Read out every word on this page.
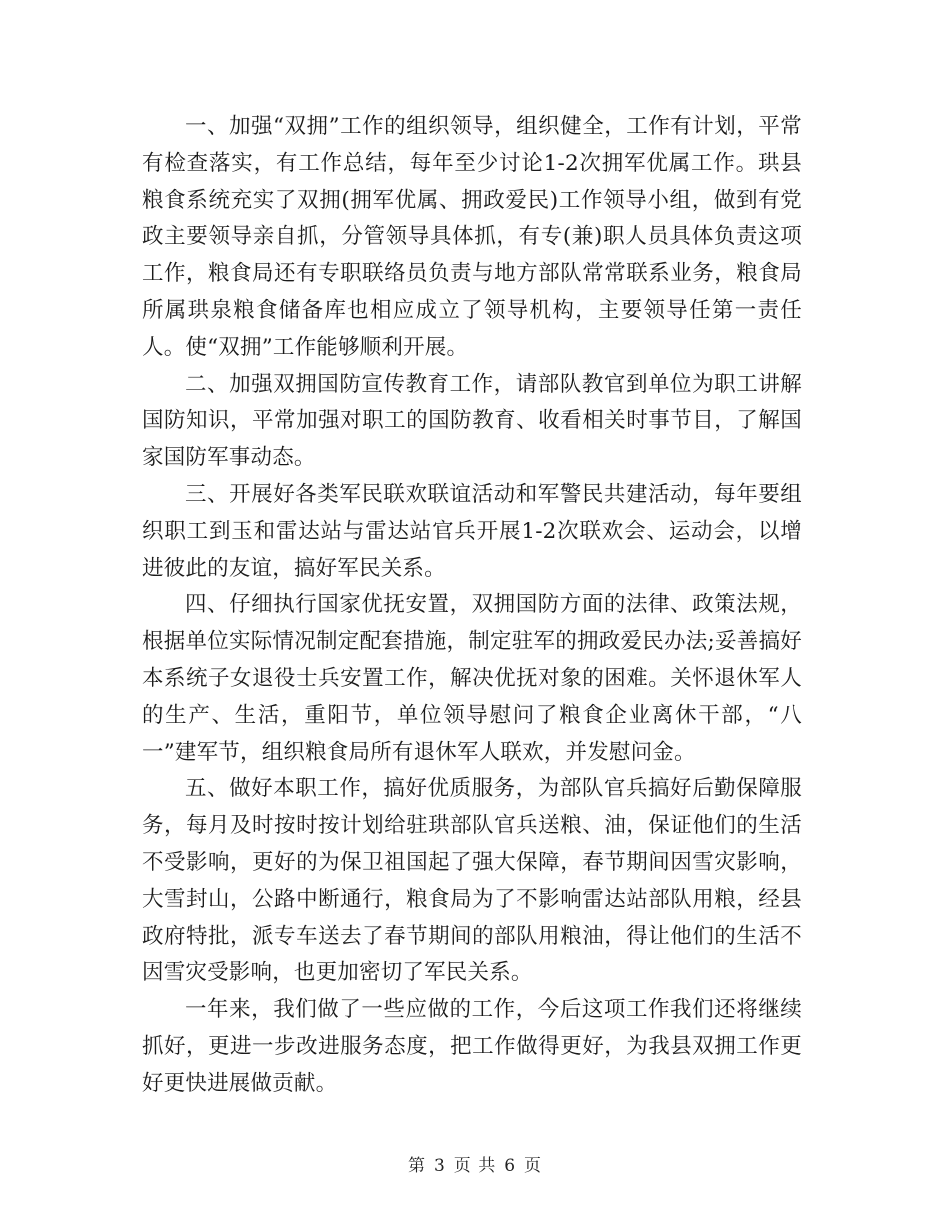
一、加强“双拥”工作的组织领导，组织健全，工作有计划，平常有检查落实，有工作总结，每年至少讨论1-2次拥军优属工作。珙县粮食系统充实了双拥(拥军优属、拥政爱民)工作领导小组，做到有党政主要领导亲自抓，分管领导具体抓，有专(兼)职人员具体负责这项工作，粮食局还有专职联络员负责与地方部队常常联系业务，粮食局所属珙泉粮食储备库也相应成立了领导机构，主要领导任第一责任人。使“双拥”工作能够顺利开展。

二、加强双拥国防宣传教育工作，请部队教官到单位为职工讲解国防知识，平常加强对职工的国防教育、收看相关时事节目，了解国家国防军事动态。

三、开展好各类军民联欢联谊活动和军警民共建活动，每年要组织职工到玉和雷达站与雷达站官兵开展1-2次联欢会、运动会，以增进彼此的友谊，搞好军民关系。

四、仔细执行国家优抚安置，双拥国防方面的法律、政策法规，根据单位实际情况制定配套措施，制定驻军的拥政爱民办法;妥善搞好本系统子女退役士兵安置工作，解决优抚对象的困难。关怀退休军人的生产、生活，重阳节，单位领导慰问了粮食企业离休干部，“八一”建军节，组织粮食局所有退休军人联欢，并发慰问金。

五、做好本职工作，搞好优质服务，为部队官兵搞好后勤保障服务，每月及时按时按计划给驻珙部队官兵送粮、油，保证他们的生活不受影响，更好的为保卫祖国起了强大保障，春节期间因雪灾影响，大雪封山，公路中断通行，粮食局为了不影响雷达站部队用粮，经县政府特批，派专车送去了春节期间的部队用粮油，得让他们的生活不因雪灾受影响，也更加密切了军民关系。

一年来，我们做了一些应做的工作，今后这项工作我们还将继续抓好，更进一步改进服务态度，把工作做得更好，为我县双拥工作更好更快进展做贡献。

第 3 页 共 6 页
